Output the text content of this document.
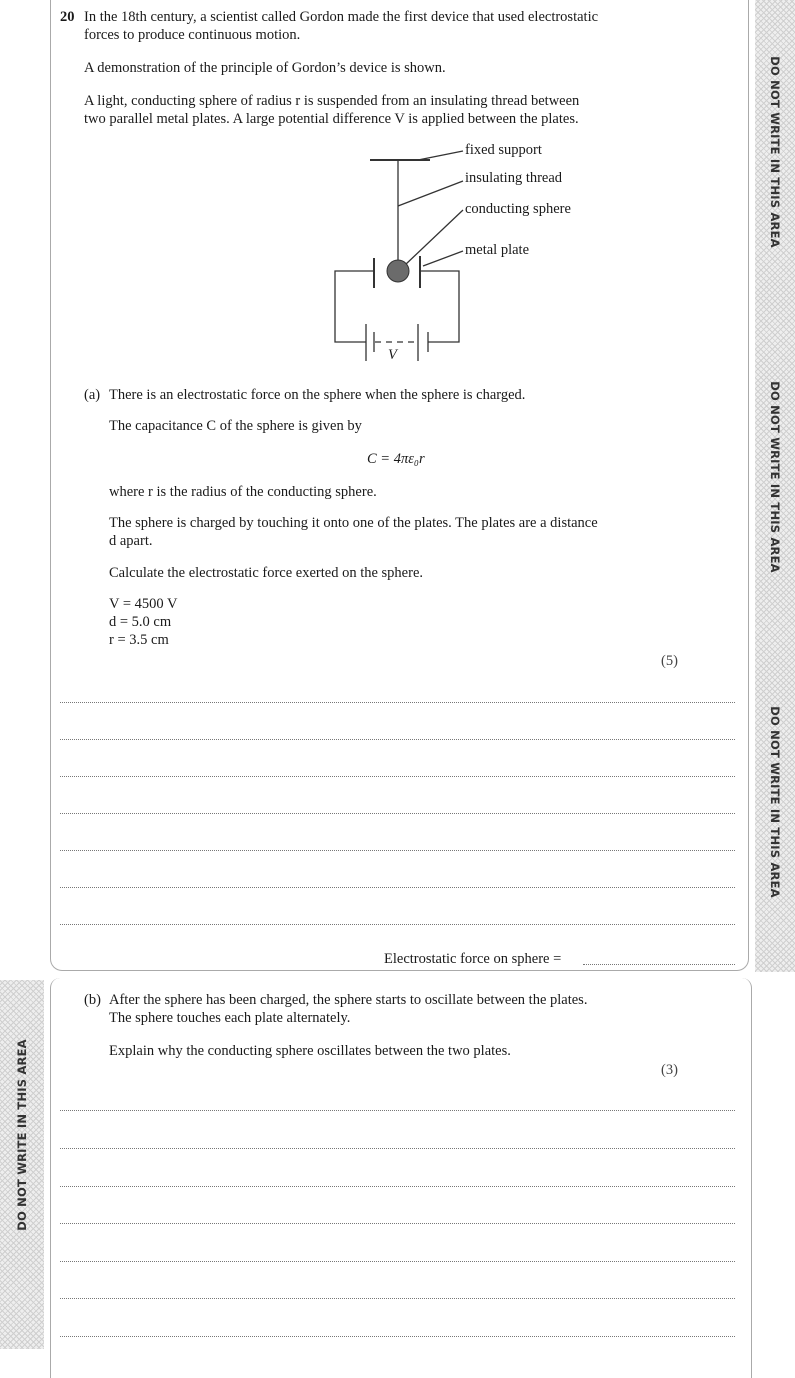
DO NOT WRITE IN THIS AREA
DO NOT WRITE IN THIS AREA
DO NOT WRITE IN THIS AREA
DO NOT WRITE IN THIS AREA
20 In the 18th century, a scientist called Gordon made the first device that used electrostatic
forces to produce continuous motion.
A demonstration of the principle of Gordon’s device is shown.
A light, conducting sphere of radius r is suspended from an insulating thread between
two parallel metal plates. A large potential difference V is applied between the plates.
fixed support
insulating thread
conducting sphere
metal plate
V
(a) There is an electrostatic force on the sphere when the sphere is charged.
The capacitance C of the sphere is given by
C = 4πε₀r
where r is the radius of the conducting sphere.
The sphere is charged by touching it onto one of the plates. The plates are a distance
d apart.
Calculate the electrostatic force exerted on the sphere.
V = 4500 V
d = 5.0 cm
r = 3.5 cm
(5)
Electrostatic force on sphere =
(b) After the sphere has been charged, the sphere starts to oscillate between the plates.
The sphere touches each plate alternately.
Explain why the conducting sphere oscillates between the two plates.
(3)
